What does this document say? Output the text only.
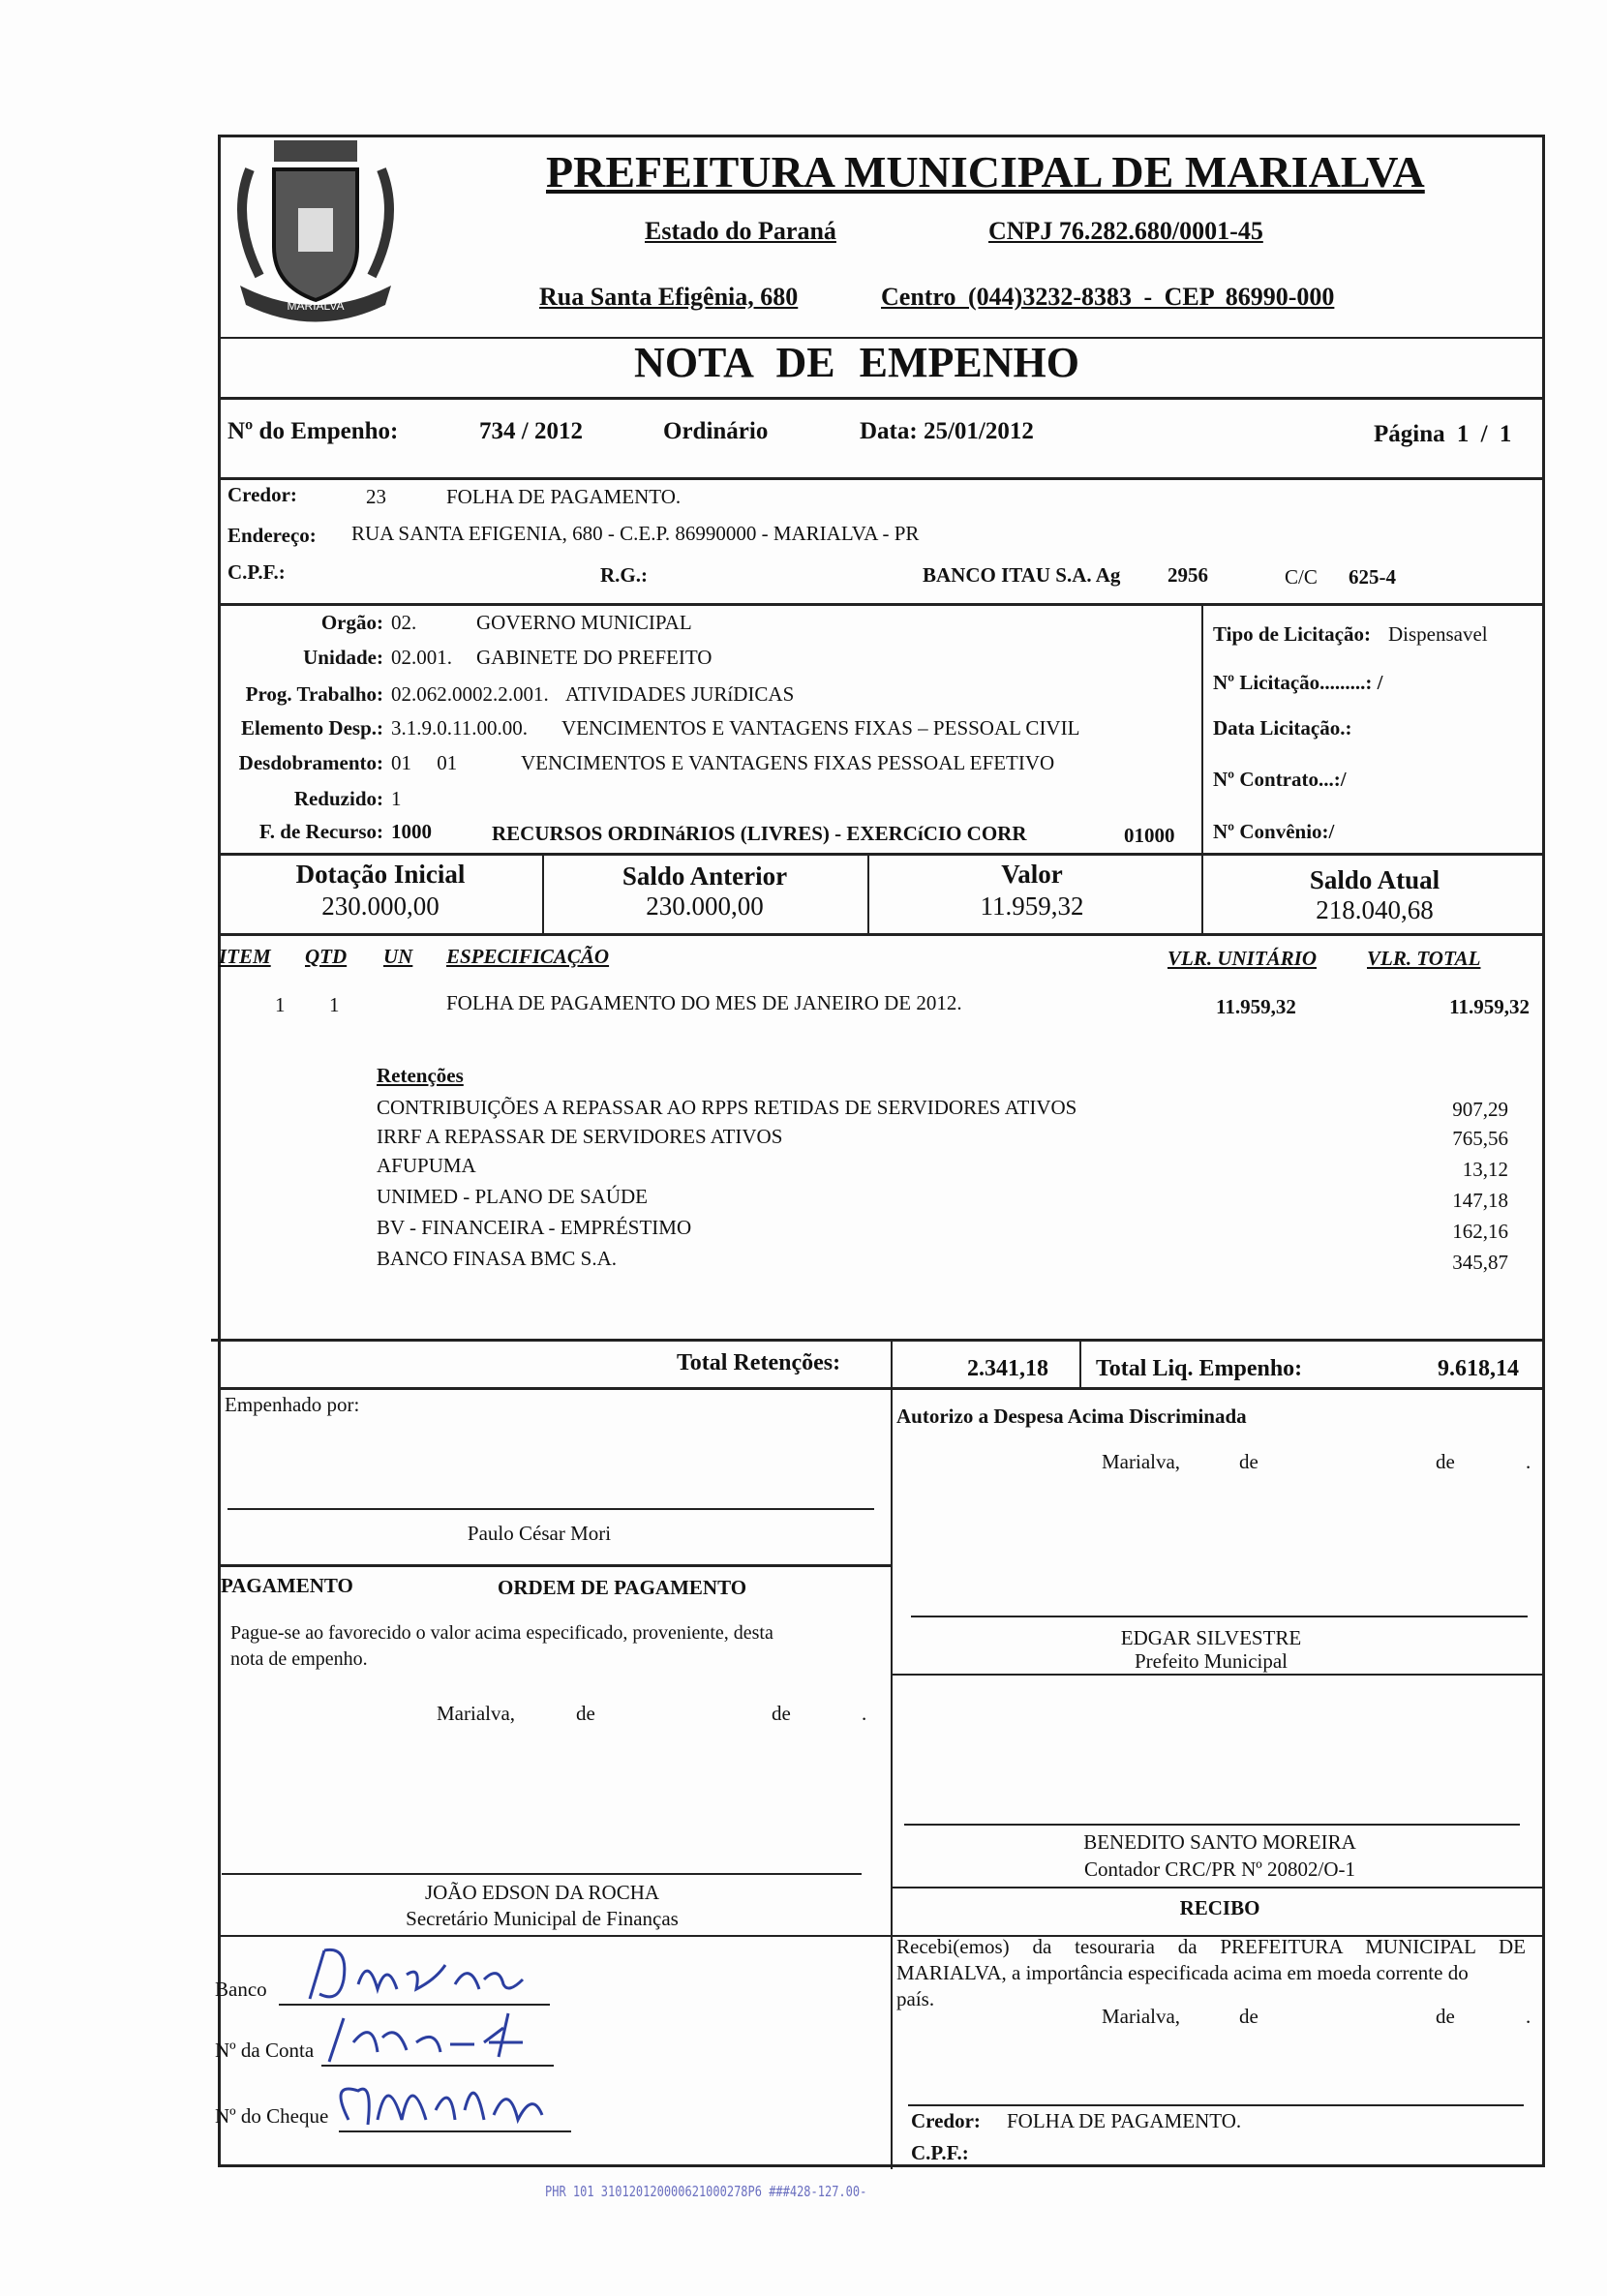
MARIALVA
PREFEITURA MUNICIPAL DE MARIALVA
Estado do Paraná	CNPJ 76.282.680/0001-45
Rua Santa Efigênia, 680	Centro (044)3232-8383 - CEP 86990-000
NOTA DE EMPENHO
Nº do Empenho:	734 / 2012	Ordinário	Data: 25/01/2012	Página 1 / 1
Credor:	23	FOLHA DE PAGAMENTO.
Endereço: RUA SANTA EFIGENIA, 680 - C.E.P. 86990000 - MARIALVA - PR
C.P.F.:	R.G.:	BANCO ITAU S.A. Ag 2956	C/C 625-4
Orgão: 02.	GOVERNO MUNICIPAL
Unidade: 02.001. GABINETE DO PREFEITO
Prog. Trabalho: 02.062.0002.2.001. ATIVIDADES JURíDICAS
Elemento Desp.: 3.1.9.0.11.00.00. VENCIMENTOS E VANTAGENS FIXAS – PESSOAL CIVIL
Desdobramento: 01     01	VENCIMENTOS E VANTAGENS FIXAS PESSOAL EFETIVO
Reduzido: 1
F. de Recurso: 1000	RECURSOS ORDINáRIOS (LIVRES) - EXERCíCIO CORR	01000
Tipo de Licitação: Dispensavel
Nº Licitação.........: /
Data Licitação.:
Nº Contrato...:/
Nº Convênio:/
Dotação Inicial
230.000,00
Saldo Anterior
230.000,00
Valor
11.959,32
Saldo Atual
218.040,68
ITEM QTD UN ESPECIFICAÇÃO	VLR. UNITÁRIO VLR. TOTAL
1 1	FOLHA DE PAGAMENTO DO MES DE JANEIRO DE 2012.	11.959,32	11.959,32
Retenções
CONTRIBUIÇÕES A REPASSAR AO RPPS RETIDAS DE SERVIDORES ATIVOS	907,29
IRRF A REPASSAR DE SERVIDORES ATIVOS	765,56
AFUPUMA	13,12
UNIMED - PLANO DE SAÚDE	147,18
BV - FINANCEIRA - EMPRÉSTIMO	162,16
BANCO FINASA BMC S.A.	345,87
Total Retenções:	2.341,18 Total Liq. Empenho:	9.618,14
Empenhado por:	Autorizo a Despesa Acima Discriminada
Marialva,	de	de	.
Paulo César Mori
PAGAMENTO	ORDEM DE PAGAMENTO
Pague-se ao favorecido o valor acima especificado, proveniente, desta
nota de empenho.
Marialva,	de	de	.
EDGAR SILVESTRE
Prefeito Municipal
BENEDITO SANTO MOREIRA
Contador CRC/PR Nº 20802/O-1
RECIBO
JOÃO EDSON DA ROCHA
Secretário Municipal de Finanças
Recebi(emos) da tesouraria da PREFEITURA MUNICIPAL DE
MARIALVA, a importância especificada acima em moeda corrente do
país.
Marialva,	de	de	.
Banco
Nº da Conta
Nº do Cheque	Credor: FOLHA DE PAGAMENTO.
C.P.F.:
PHR 101 310120120000621000278P6 ###428-127.00-
